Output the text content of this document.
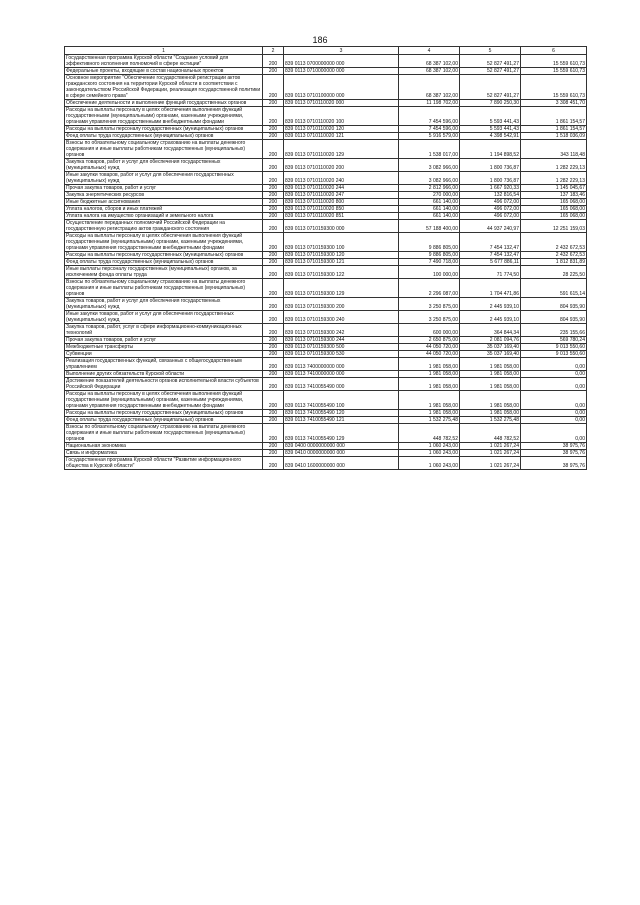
186
1	2	3	4	5	6
Государственная программа Курской области "Создание условий для эффективного исполнения полномочий в сфере юстиции"	200	839 0113 0700000000 000	68 387 102,00	52 827 491,27	15 559 610,73
Федеральные проекты, входящие в состав национальных проектов	200	839 0113 0710000000 000	68 387 102,00	52 827 491,27	15 559 610,73
Основное мероприятие "Обеспечение государственной регистрации актов гражданского состояния на территории Курской области в соответствии с законодательством Российской Федерации, реализация государственной политики в сфере семейного права"	200	839 0113 0710100000 000	68 387 102,00	52 827 491,27	15 559 610,73
Обеспечение деятельности и выполнение функций государственных органов	200	839 0113 0710110020 000	11 198 702,00	7 890 250,30	3 308 451,70
Расходы на выплаты персоналу в целях обеспечения выполнения функций государственными (муниципальными) органами, казенными учреждениями, органами управления государственными внебюджетными фондами	200	839 0113 0710110020 100	7 454 596,00	5 593 441,43	1 861 154,57
Расходы на выплаты персоналу государственных (муниципальных) органов	200	839 0113 0710110020 120	7 454 596,00	5 593 441,43	1 861 154,57
Фонд оплаты труда государственных (муниципальных) органов	200	839 0113 0710110020 121	5 916 579,00	4 398 542,91	1 518 036,09
Взносы по обязательному социальному страхованию на выплаты денежного содержания и иные выплаты работникам государственных (муниципальных) органов	200	839 0113 0710110020 129	1 538 017,00	1 194 898,52	343 118,48
Закупка товаров, работ и услуг для обеспечения государственных (муниципальных) нужд	200	839 0113 0710110020 200	3 082 966,00	1 800 736,87	1 282 229,13
Иные закупки товаров, работ и услуг для обеспечения государственных (муниципальных) нужд	200	839 0113 0710110020 240	3 082 966,00	1 800 736,87	1 282 229,13
Прочая закупка товаров, работ и услуг	200	839 0113 0710110020 244	2 812 966,00	1 667 920,33	1 145 045,67
Закупка энергетических ресурсов	200	839 0113 0710110020 247	270 000,00	132 816,54	137 183,46
Иные бюджетные ассигнования	200	839 0113 0710110020 800	661 140,00	496 072,00	165 068,00
Уплата налогов, сборов и иных платежей	200	839 0113 0710110020 850	661 140,00	496 072,00	165 068,00
Уплата налога на имущество организаций и земельного налога	200	839 0113 0710110020 851	661 140,00	496 072,00	165 068,00
Осуществление переданных полномочий Российской Федерации на государственную регистрацию актов гражданского состояния	200	839 0113 0710159300 000	57 188 400,00	44 937 240,97	12 251 159,03
Расходы на выплаты персоналу в целях обеспечения выполнения функций государственными (муниципальными) органами, казенными учреждениями, органами управления государственными внебюджетными фондами	200	839 0113 0710159300 100	9 886 805,00	7 454 132,47	2 432 672,53
Расходы на выплаты персоналу государственных (муниципальных) органов	200	839 0113 0710159300 120	9 886 805,00	7 454 132,47	2 432 672,53
Фонд оплаты труда государственных (муниципальных) органов	200	839 0113 0710159300 121	7 490 718,00	5 677 886,11	1 812 831,89
Иные выплаты персоналу государственных (муниципальных) органов, за исключением фонда оплаты труда	200	839 0113 0710159300 122	100 000,00	71 774,50	28 225,50
Взносы по обязательному социальному страхованию на выплаты денежного содержания и иные выплаты работникам государственных (муниципальных) органов	200	839 0113 0710159300 129	2 296 087,00	1 704 471,86	591 615,14
Закупка товаров, работ и услуг для обеспечения государственных (муниципальных) нужд	200	839 0113 0710159300 200	3 250 875,00	2 445 939,10	804 935,90
Иные закупки товаров, работ и услуг для обеспечения государственных (муниципальных) нужд	200	839 0113 0710159300 240	3 250 875,00	2 445 939,10	804 935,90
Закупка товаров, работ, услуг в сфере информационно-коммуникационных технологий	200	839 0113 0710159300 242	600 000,00	364 844,34	235 155,66
Прочая закупка товаров, работ и услуг	200	839 0113 0710159300 244	2 650 875,00	2 081 094,76	569 780,24
Межбюджетные трансферты	200	839 0113 0710159300 500	44 050 720,00	35 037 169,40	9 013 550,60
Субвенции	200	839 0113 0710159300 530	44 050 720,00	35 037 169,40	9 013 550,60
Реализация государственных функций, связанных с общегосударственным управлением	200	839 0113 7400000000 000	1 981 058,00	1 981 058,00	0,00
Выполнение других обязательств Курской области	200	839 0113 7410000000 000	1 981 058,00	1 981 058,00	0,00
Достижение показателей деятельности органов исполнительной власти субъектов Российской Федерации	200	839 0113 7410055490 000	1 981 058,00	1 981 058,00	0,00
Расходы на выплаты персоналу в целях обеспечения выполнения функций государственными (муниципальными) органами, казенными учреждениями, органами управления государственными внебюджетными фондами	200	839 0113 7410055490 100	1 981 058,00	1 981 058,00	0,00
Расходы на выплаты персоналу государственных (муниципальных) органов	200	839 0113 7410055490 120	1 981 058,00	1 981 058,00	0,00
Фонд оплаты труда государственных (муниципальных) органов	200	839 0113 7410055490 121	1 532 275,48	1 532 275,48	0,00
Взносы по обязательному социальному страхованию на выплаты денежного содержания и иные выплаты работникам государственных (муниципальных) органов	200	839 0113 7410055490 129	448 782,52	448 782,52	0,00
Национальная экономика	200	839 0400 0000000000 000	1 060 243,00	1 021 267,24	38 975,76
Связь и информатика	200	839 0410 0000000000 000	1 060 243,00	1 021 267,24	38 975,76
Государственная программа Курской области "Развитие информационного общества в Курской области"	200	839 0410 1600000000 000	1 060 243,00	1 021 267,24	38 975,76
